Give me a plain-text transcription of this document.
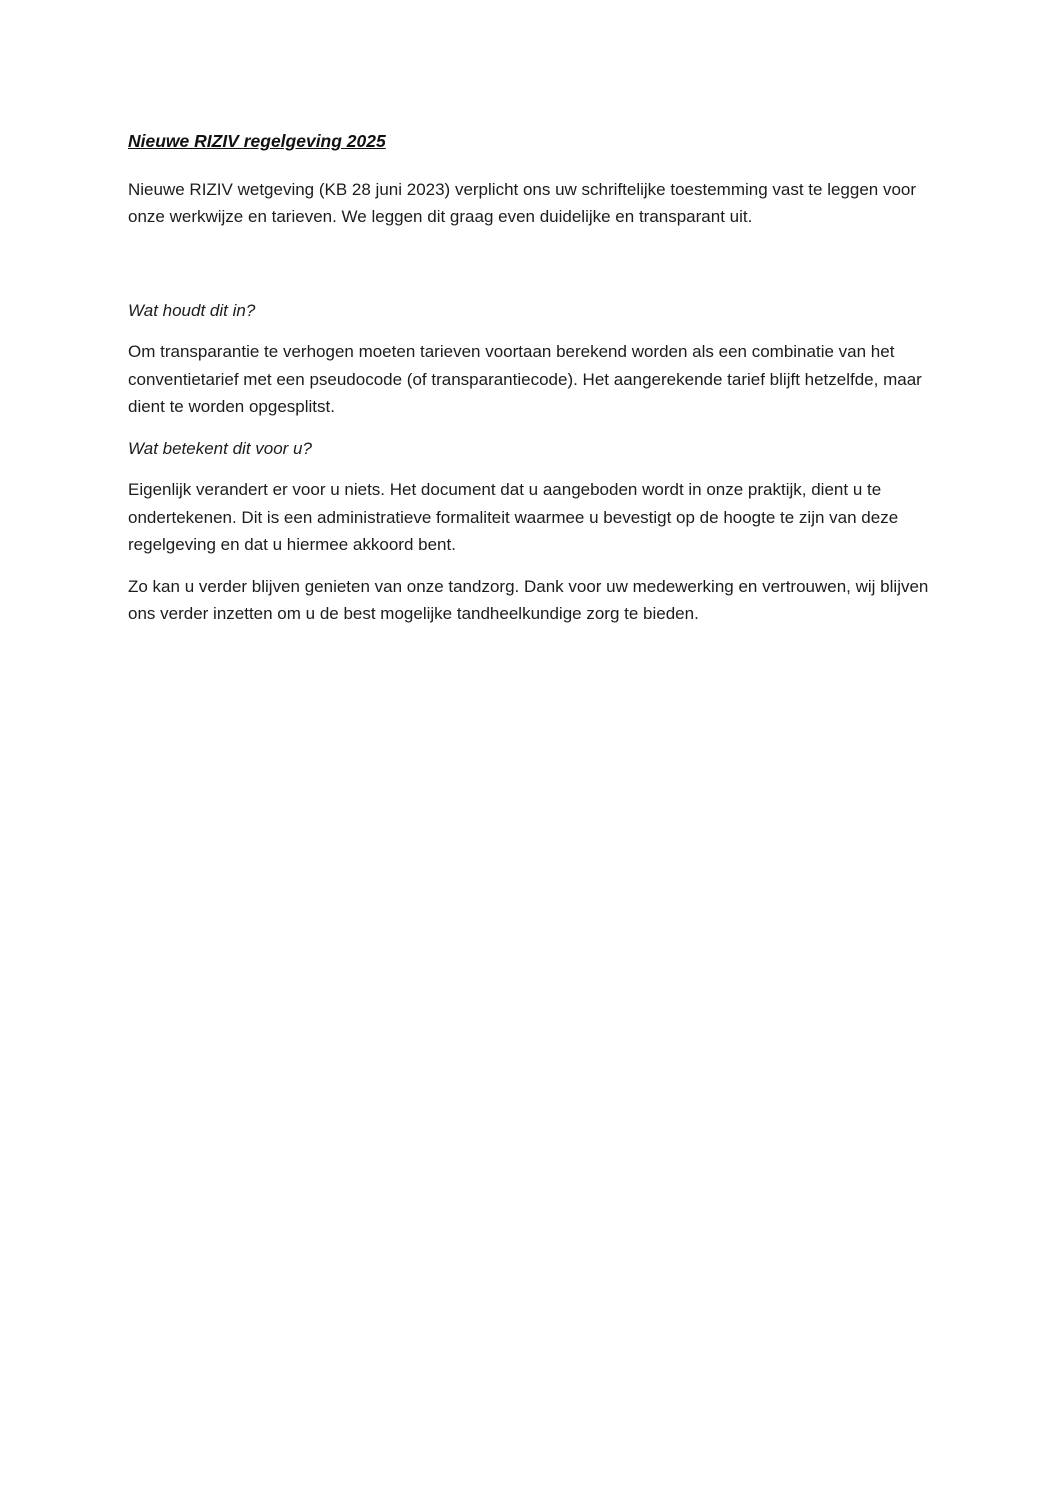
Nieuwe RIZIV regelgeving 2025

Nieuwe RIZIV wetgeving (KB 28 juni 2023) verplicht ons uw schriftelijke toestemming vast te leggen voor onze werkwijze en tarieven. We leggen dit graag even duidelijke en transparant uit.

Wat houdt dit in?

Om transparantie te verhogen moeten tarieven voortaan berekend worden als een combinatie van het conventietarief met een pseudocode (of transparantiecode). Het aangerekende tarief blijft hetzelfde, maar dient te worden opgesplitst.

Wat betekent dit voor u?

Eigenlijk verandert er voor u niets. Het document dat u aangeboden wordt in onze praktijk, dient u te ondertekenen. Dit is een administratieve formaliteit waarmee u bevestigt op de hoogte te zijn van deze regelgeving en dat u hiermee akkoord bent.

Zo kan u verder blijven genieten van onze tandzorg. Dank voor uw medewerking en vertrouwen, wij blijven ons verder inzetten om u de best mogelijke tandheelkundige zorg te bieden.
